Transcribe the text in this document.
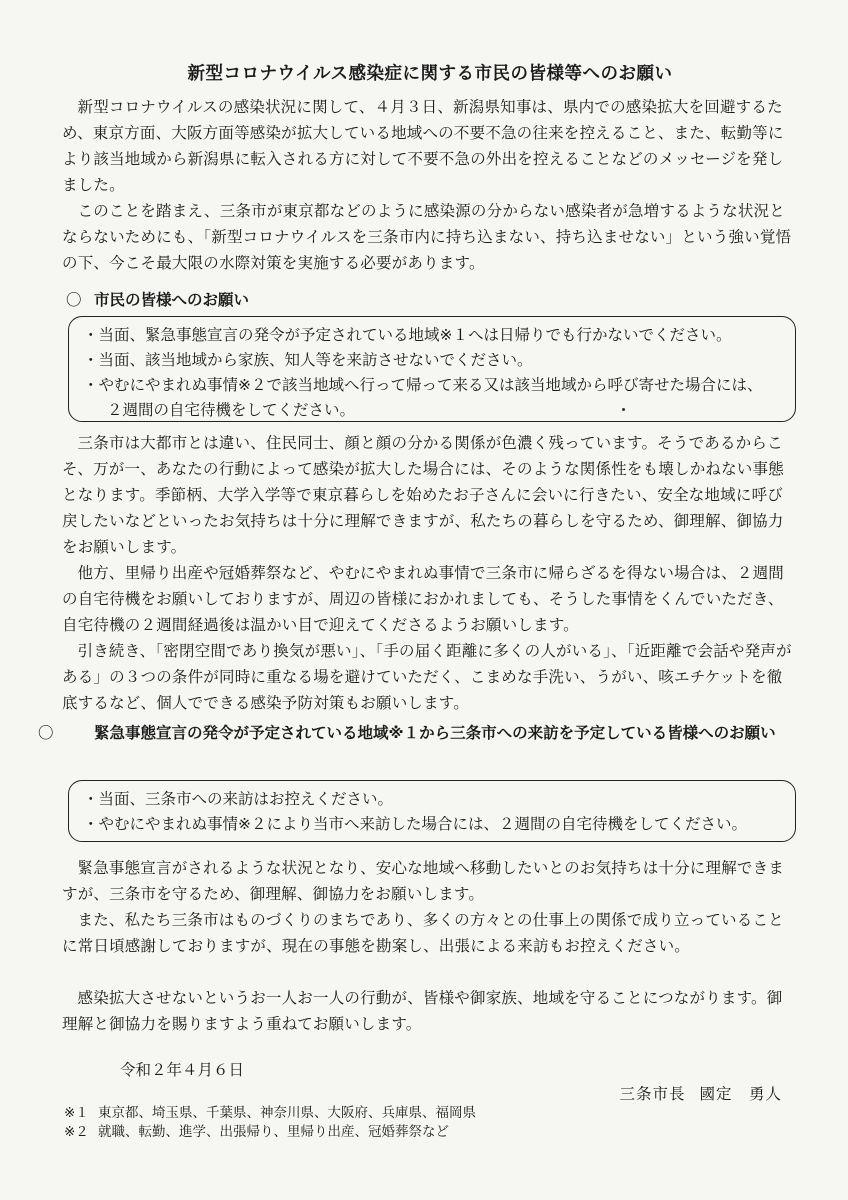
新型コロナウイルス感染症に関する市民の皆様等へのお願い

新型コロナウイルスの感染状況に関して、４月３日、新潟県知事は、県内での感染拡大を回避するため、東京方面、大阪方面等感染が拡大している地域への不要不急の往来を控えること、また、転勤等により該当地域から新潟県に転入される方に対して不要不急の外出を控えることなどのメッセージを発しました。

このことを踏まえ、三条市が東京都などのように感染源の分からない感染者が急増するような状況とならないためにも、「新型コロナウイルスを三条市内に持ち込まない、持ち込ませない」という強い覚悟の下、今こそ最大限の水際対策を実施する必要があります。

〇 市民の皆様へのお願い
・当面、緊急事態宣言の発令が予定されている地域※１へは日帰りでも行かないでください。
・当面、該当地域から家族、知人等を来訪させないでください。
・やむにやまれぬ事情※２で該当地域へ行って帰って来る又は該当地域から呼び寄せた場合には、
２週間の自宅待機をしてください。

三条市は大都市とは違い、住民同士、顔と顔の分かる関係が色濃く残っています。そうであるからこそ、万が一、あなたの行動によって感染が拡大した場合には、そのような関係性をも壊しかねない事態となります。季節柄、大学入学等で東京暮らしを始めたお子さんに会いに行きたい、安全な地域に呼び戻したいなどといったお気持ちは十分に理解できますが、私たちの暮らしを守るため、御理解、御協力をお願いします。

他方、里帰り出産や冠婚葬祭など、やむにやまれぬ事情で三条市に帰らざるを得ない場合は、２週間の自宅待機をお願いしておりますが、周辺の皆様におかれましても、そうした事情をくんでいただき、自宅待機の２週間経過後は温かい目で迎えてくださるようお願いします。

引き続き、「密閉空間であり換気が悪い」、「手の届く距離に多くの人がいる」、「近距離で会話や発声がある」の３つの条件が同時に重なる場を避けていただく、こまめな手洗い、うがい、咳エチケットを徹底するなど、個人でできる感染予防対策もお願いします。

〇	緊急事態宣言の発令が予定されている地域※１から三条市への来訪を予定している皆様へのお願い
・当面、三条市への来訪はお控えください。
・やむにやまれぬ事情※２により当市へ来訪した場合には、２週間の自宅待機をしてください。

緊急事態宣言がされるような状況となり、安心な地域へ移動したいとのお気持ちは十分に理解できますが、三条市を守るため、御理解、御協力をお願いします。

また、私たち三条市はものづくりのまちであり、多くの方々との仕事上の関係で成り立っていることに常日頃感謝しておりますが、現在の事態を勘案し、出張による来訪もお控えください。

感染拡大させないというお一人お一人の行動が、皆様や御家族、地域を守ることにつながります。御理解と御協力を賜りますよう重ねてお願いします。

令和２年４月６日
三条市長 國定　勇人
※１ 東京都、埼玉県、千葉県、神奈川県、大阪府、兵庫県、福岡県
※２ 就職、転勤、進学、出張帰り、里帰り出産、冠婚葬祭など
